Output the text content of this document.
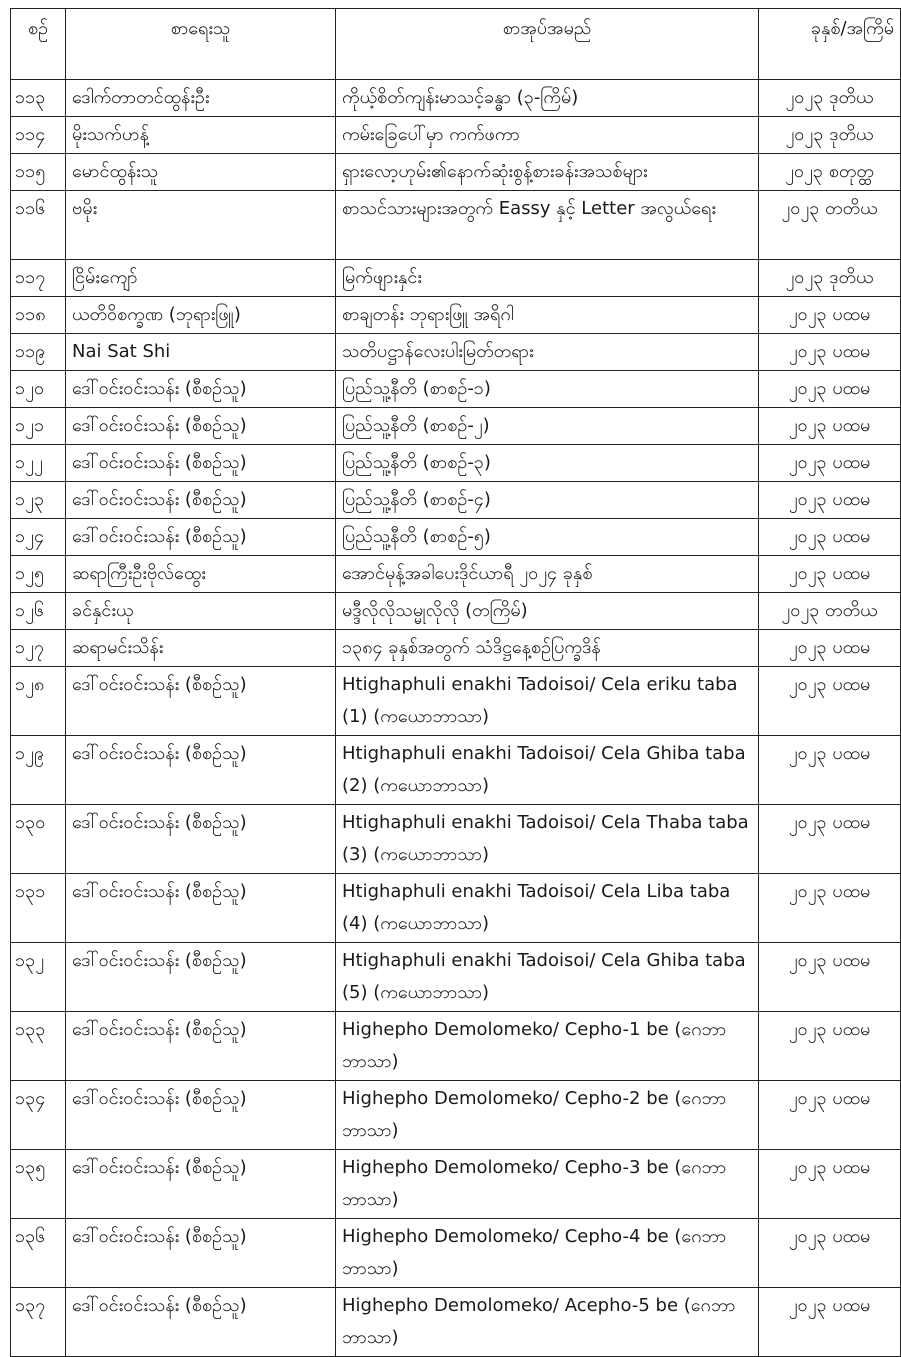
စဉ်	စာရေးသူ	စာအုပ်အမည်	ခုနှစ်/အကြိမ်
၁၁၃	ဒေါက်တာတင်ထွန်းဦး	ကိုယ့်စိတ်ကျန်းမာသင့်ခန္ဓာ (၃-ကြိမ်)	၂၀၂၃ ဒုတိယ
၁၁၄	မိုးသက်ဟန့်	ကမ်းခြေပေါ်မှာ ကက်ဖကာ	၂၀၂၃ ဒုတိယ
၁၁၅	မောင်ထွန်းသူ	ရှားလော့ဟုမ်း၏နောက်ဆုံးစွန့်စားခန်းအသစ်များ	၂၀၂၃ စတုတ္ထ
၁၁၆	ဗမိုး	စာသင်သားများအတွက် Eassy နှင့် Letter အလွယ်ရေး	၂၀၂၃ တတိယ
၁၁၇	ငြိမ်းကျော်	မြက်ဖျားနှင်း	၂၀၂၃ ဒုတိယ
၁၁၈	ယတိဝိစက္ခဏ (ဘုရားဖြူ)	စာချတန်း ဘုရားဖြူ အရိဂါ	၂၀၂၃ ပထမ
၁၁၉	Nai Sat Shi	သတိပဋ္ဌာန်လေးပါးမြတ်တရား	၂၀၂၃ ပထမ
၁၂၀	ဒေါ်ဝင်းဝင်းသန်း (စီစဉ်သူ)	ပြည်သူ့နီတိ (စာစဉ်-၁)	၂၀၂၃ ပထမ
၁၂၁	ဒေါ်ဝင်းဝင်းသန်း (စီစဉ်သူ)	ပြည်သူ့နီတိ (စာစဉ်-၂)	၂၀၂၃ ပထမ
၁၂၂	ဒေါ်ဝင်းဝင်းသန်း (စီစဉ်သူ)	ပြည်သူ့နီတိ (စာစဉ်-၃)	၂၀၂၃ ပထမ
၁၂၃	ဒေါ်ဝင်းဝင်းသန်း (စီစဉ်သူ)	ပြည်သူ့နီတိ (စာစဉ်-၄)	၂၀၂၃ ပထမ
၁၂၄	ဒေါ်ဝင်းဝင်းသန်း (စီစဉ်သူ)	ပြည်သူ့နီတိ (စာစဉ်-၅)	၂၀၂၃ ပထမ
၁၂၅	ဆရာကြီးဦးဗိုလ်ထွေး	အောင်မုန့်အခါပေးဒိုင်ယာရီ ၂၀၂၄ ခုနှစ်	၂၀၂၃ ပထမ
၁၂၆	ခင်နှင်းယု	မဒ္ဒီလိုလိုသမ္မုလိုလို (တကြိမ်)	၂၀၂၃ တတိယ
၁၂၇	ဆရာမင်းသိန်း	၁၃၈၄ ခုနှစ်အတွက် သံဒိဋ္ဌနေ့စဉ်ပြက္ခဒိန်	၂၀၂၃ ပထမ
၁၂၈	ဒေါ်ဝင်းဝင်းသန်း (စီစဉ်သူ)	Htighaphuli enakhi Tadoisoi/ Cela eriku taba (1) (ကယောဘာသာ)	၂၀၂၃ ပထမ
၁၂၉	ဒေါ်ဝင်းဝင်းသန်း (စီစဉ်သူ)	Htighaphuli enakhi Tadoisoi/ Cela Ghiba taba (2) (ကယောဘာသာ)	၂၀၂၃ ပထမ
၁၃၀	ဒေါ်ဝင်းဝင်းသန်း (စီစဉ်သူ)	Htighaphuli enakhi Tadoisoi/ Cela Thaba taba (3) (ကယောဘာသာ)	၂၀၂၃ ပထမ
၁၃၁	ဒေါ်ဝင်းဝင်းသန်း (စီစဉ်သူ)	Htighaphuli enakhi Tadoisoi/ Cela Liba taba (4) (ကယောဘာသာ)	၂၀၂၃ ပထမ
၁၃၂	ဒေါ်ဝင်းဝင်းသန်း (စီစဉ်သူ)	Htighaphuli enakhi Tadoisoi/ Cela Ghiba taba (5) (ကယောဘာသာ)	၂၀၂၃ ပထမ
၁၃၃	ဒေါ်ဝင်းဝင်းသန်း (စီစဉ်သူ)	Highepho Demolomeko/ Cepho-1 be (ဂေဘာ ဘာသာ)	၂၀၂၃ ပထမ
၁၃၄	ဒေါ်ဝင်းဝင်းသန်း (စီစဉ်သူ)	Highepho Demolomeko/ Cepho-2 be (ဂေဘာ ဘာသာ)	၂၀၂၃ ပထမ
၁၃၅	ဒေါ်ဝင်းဝင်းသန်း (စီစဉ်သူ)	Highepho Demolomeko/ Cepho-3 be (ဂေဘာ ဘာသာ)	၂၀၂၃ ပထမ
၁၃၆	ဒေါ်ဝင်းဝင်းသန်း (စီစဉ်သူ)	Highepho Demolomeko/ Cepho-4 be (ဂေဘာ ဘာသာ)	၂၀၂၃ ပထမ
၁၃၇	ဒေါ်ဝင်းဝင်းသန်း (စီစဉ်သူ)	Highepho Demolomeko/ Acepho-5 be (ဂေဘာ ဘာသာ)	၂၀၂၃ ပထမ
